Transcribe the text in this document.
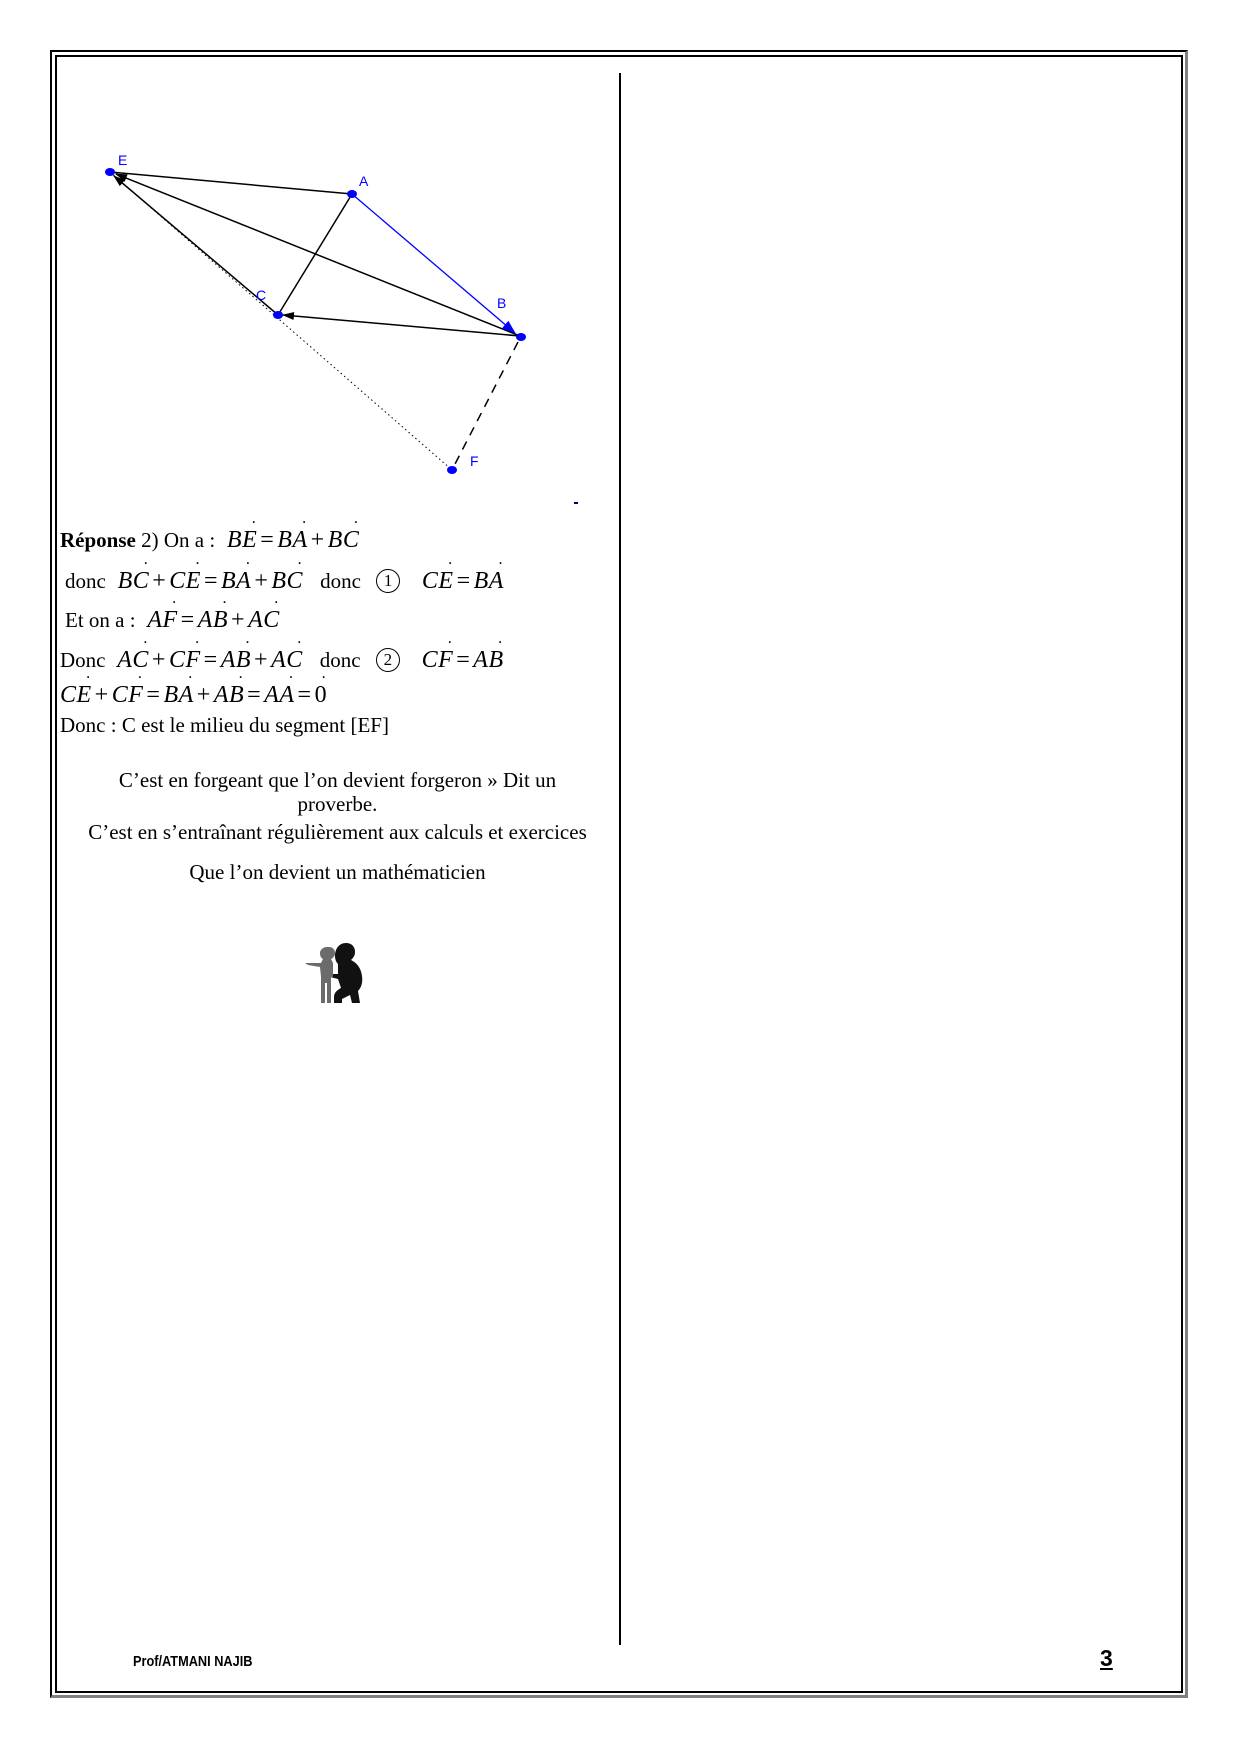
E
A
C	B
F
Réponse 2) On a : BE ˙ = BA ˙ + BC ˙
donc BC ˙ + CE ˙ = BA ˙ + BC ˙ donc 1 CE ˙ = BA ˙
Et on a : AF ˙ = AB ˙ + AC ˙
Donc AC ˙ + CF ˙ = AB ˙ + AC ˙ donc 2 CF ˙ = AB ˙
CE ˙ + CF ˙ = BA ˙ + AB ˙ = AA ˙ = 0 ˙
Donc : C est le milieu du segment [EF]
C’est en forgeant que l’on devient forgeron » Dit un
proverbe.
C’est en s’entraînant régulièrement aux calculs et exercices
Que l’on devient un mathématicien
Prof/ATMANI NAJIB	3
